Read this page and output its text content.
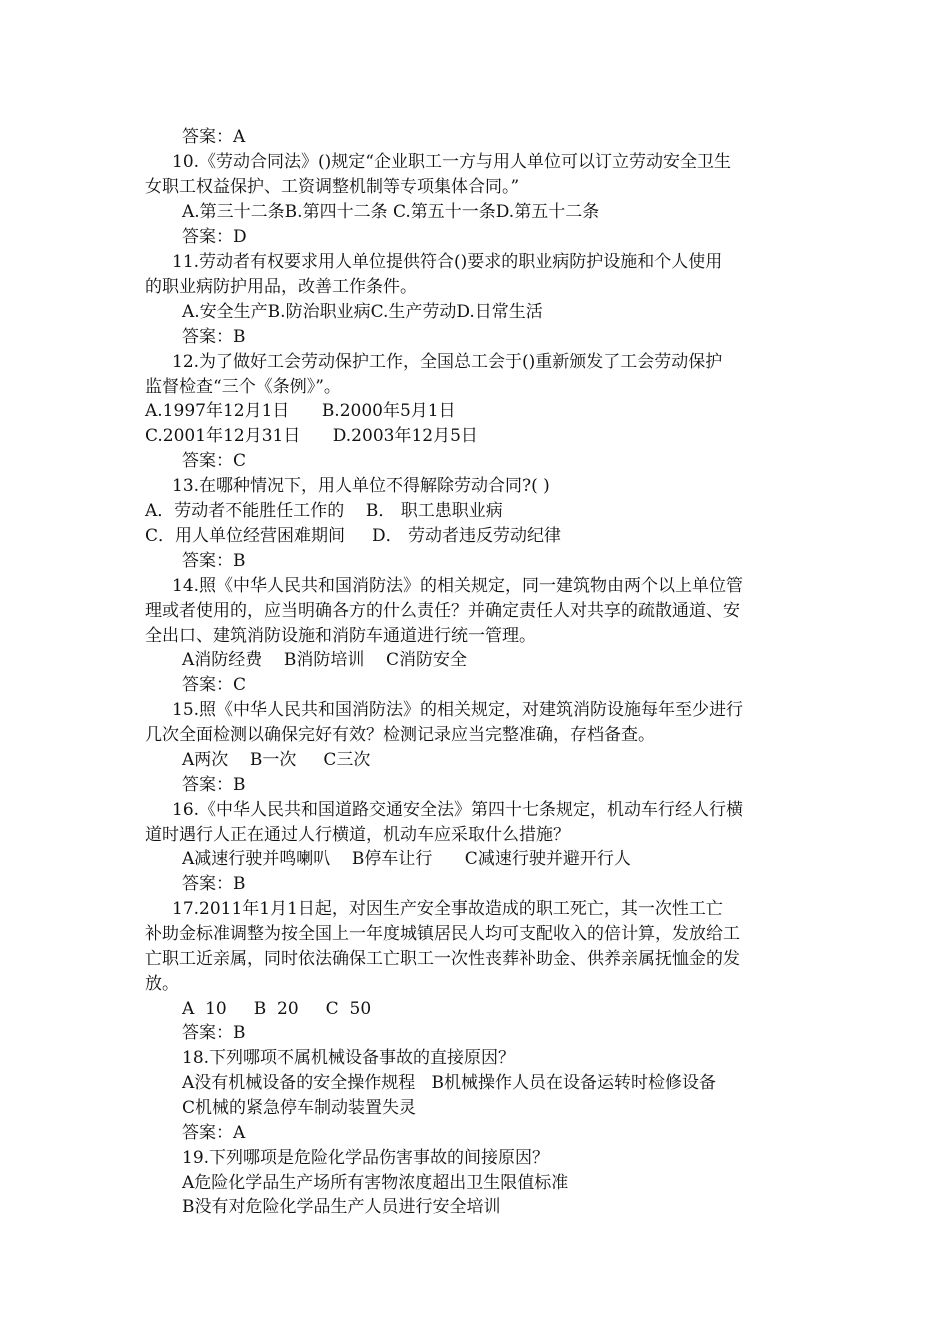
答案：A
10.《劳动合同法》()规定“企业职工一方与用人单位可以订立劳动安全卫生
女职工权益保护、工资调整机制等专项集体合同。”
A.第三十二条B.第四十二条 C.第五十一条D.第五十二条
答案：D
11.劳动者有权要求用人单位提供符合()要求的职业病防护设施和个人使用
的职业病防护用品，改善工作条件。
A.安全生产B.防治职业病C.生产劳动D.日常生活
答案：B
12.为了做好工会劳动保护工作，全国总工会于()重新颁发了工会劳动保护
监督检查“三个《条例》”。
A.1997年12月1日      B.2000年5月1日
C.2001年12月31日      D.2003年12月5日
答案：C
13.在哪种情况下，用人单位不得解除劳动合同?( )
A．劳动者不能胜任工作的    B． 职工患职业病
C．用人单位经营困难期间     D． 劳动者违反劳动纪律
答案：B
14.照《中华人民共和国消防法》的相关规定，同一建筑物由两个以上单位管
理或者使用的，应当明确各方的什么责任？并确定责任人对共享的疏散通道、安
全出口、建筑消防设施和消防车通道进行统一管理。
A消防经费    B消防培训    C消防安全
答案：C
15.照《中华人民共和国消防法》的相关规定，对建筑消防设施每年至少进行
几次全面检测以确保完好有效？检测记录应当完整准确，存档备查。
A两次    B一次     C三次
答案：B
16.《中华人民共和国道路交通安全法》第四十七条规定，机动车行经人行横
道时遇行人正在通过人行横道，机动车应采取什么措施？
A减速行驶并鸣喇叭    B停车让行      C减速行驶并避开行人
答案：B
17.2011年1月1日起，对因生产安全事故造成的职工死亡，其一次性工亡
补助金标准调整为按全国上一年度城镇居民人均可支配收入的倍计算，发放给工
亡职工近亲属，同时依法确保工亡职工一次性丧葬补助金、供养亲属抚恤金的发
放。
A  10     B  20     C  50
答案：B
18.下列哪项不属机械设备事故的直接原因？
A没有机械设备的安全操作规程   B机械操作人员在设备运转时检修设备
C机械的紧急停车制动装置失灵
答案：A
19.下列哪项是危险化学品伤害事故的间接原因？
A危险化学品生产场所有害物浓度超出卫生限值标准
B没有对危险化学品生产人员进行安全培训
